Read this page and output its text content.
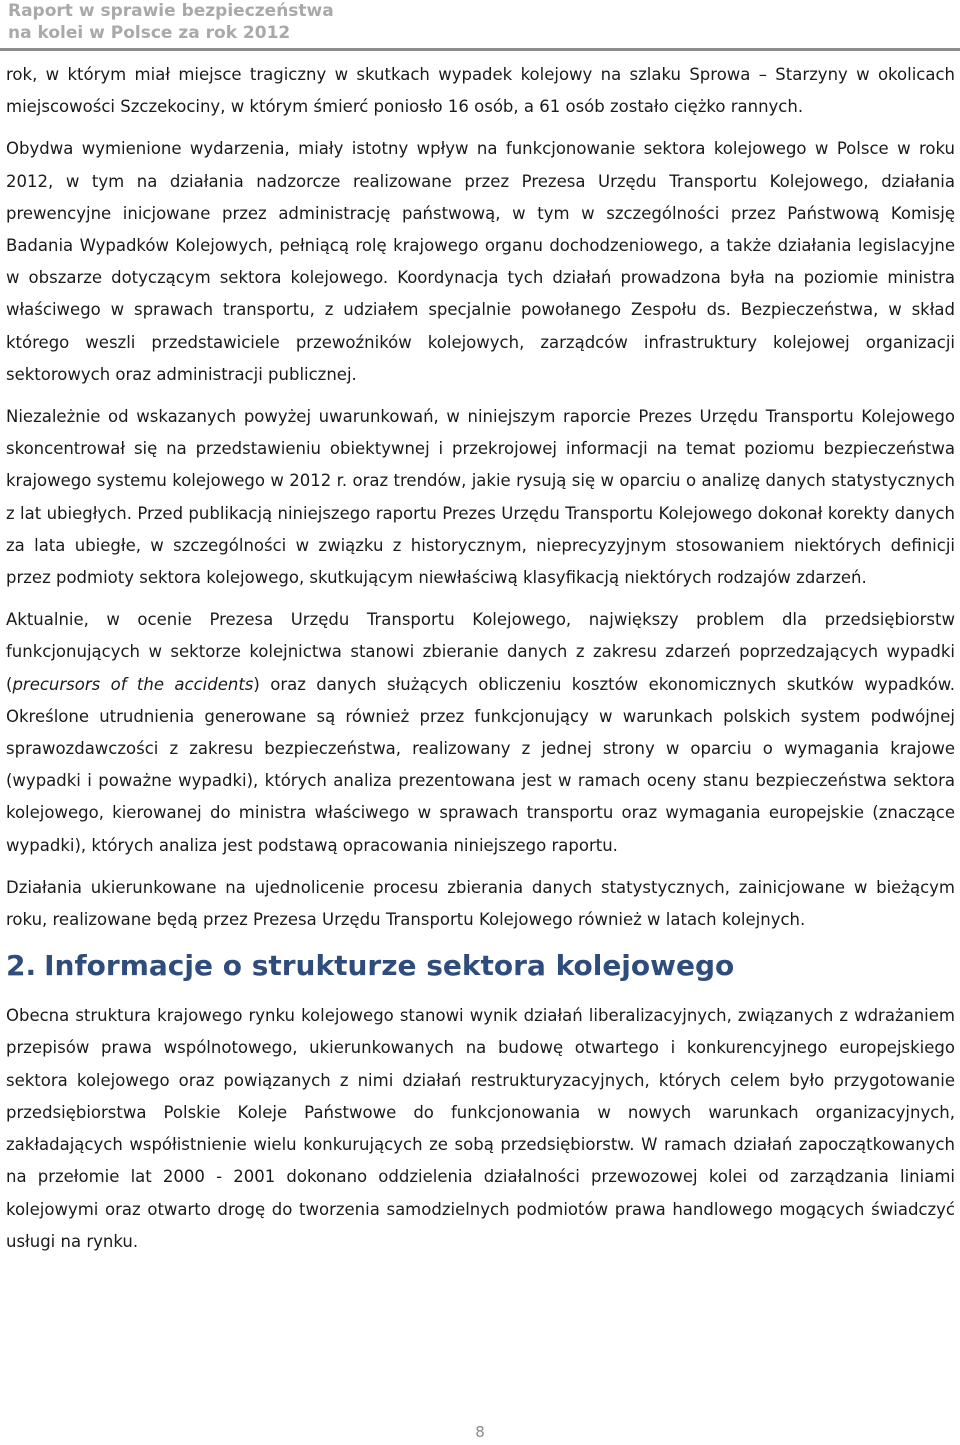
Raport w sprawie bezpieczeństwa

na kolei w Polsce za rok 2012

rok, w którym miał miejsce tragiczny w skutkach wypadek kolejowy na szlaku Sprowa – Starzyny w okolicach miejscowości Szczekociny, w którym śmierć poniosło 16 osób, a 61 osób zostało ciężko rannych.

Obydwa wymienione wydarzenia, miały istotny wpływ na funkcjonowanie sektora kolejowego w Polsce w roku 2012, w tym na działania nadzorcze realizowane przez Prezesa Urzędu Transportu Kolejowego, działania prewencyjne inicjowane przez administrację państwową, w tym w szczególności przez Państwową Komisję Badania Wypadków Kolejowych, pełniącą rolę krajowego organu dochodzeniowego, a także działania legislacyjne w obszarze dotyczącym sektora kolejowego. Koordynacja tych działań prowadzona była na poziomie ministra właściwego w sprawach transportu, z udziałem specjalnie powołanego Zespołu ds. Bezpieczeństwa, w skład którego weszli przedstawiciele przewoźników kolejowych, zarządców infrastruktury kolejowej organizacji sektorowych oraz administracji publicznej.

Niezależnie od wskazanych powyżej uwarunkowań, w niniejszym raporcie Prezes Urzędu Transportu Kolejowego skoncentrował się na przedstawieniu obiektywnej i przekrojowej informacji na temat poziomu bezpieczeństwa krajowego systemu kolejowego w 2012 r. oraz trendów, jakie rysują się w oparciu o analizę danych statystycznych z lat ubiegłych. Przed publikacją niniejszego raportu Prezes Urzędu Transportu Kolejowego dokonał korekty danych za lata ubiegłe, w szczególności w związku z historycznym, nieprecyzyjnym stosowaniem niektórych definicji przez podmioty sektora kolejowego, skutkującym niewłaściwą klasyfikacją niektórych rodzajów zdarzeń.

Aktualnie, w ocenie Prezesa Urzędu Transportu Kolejowego, największy problem dla przedsiębiorstw funkcjonujących w sektorze kolejnictwa stanowi zbieranie danych z zakresu zdarzeń poprzedzających wypadki (precursors of the accidents) oraz danych służących obliczeniu kosztów ekonomicznych skutków wypadków. Określone utrudnienia generowane są również przez funkcjonujący w warunkach polskich system podwójnej sprawozdawczości z zakresu bezpieczeństwa, realizowany z jednej strony w oparciu o wymagania krajowe (wypadki i poważne wypadki), których analiza prezentowana jest w ramach oceny stanu bezpieczeństwa sektora kolejowego, kierowanej do ministra właściwego w sprawach transportu oraz wymagania europejskie (znaczące wypadki), których analiza jest podstawą opracowania niniejszego raportu.

Działania ukierunkowane na ujednolicenie procesu zbierania danych statystycznych, zainicjowane w bieżącym roku, realizowane będą przez Prezesa Urzędu Transportu Kolejowego również w latach kolejnych.

2. Informacje o strukturze sektora kolejowego

Obecna struktura krajowego rynku kolejowego stanowi wynik działań liberalizacyjnych, związanych z wdrażaniem przepisów prawa wspólnotowego, ukierunkowanych na budowę otwartego i konkurencyjnego europejskiego sektora kolejowego oraz powiązanych z nimi działań restrukturyzacyjnych, których celem było przygotowanie przedsiębiorstwa Polskie Koleje Państwowe do funkcjonowania w nowych warunkach organizacyjnych, zakładających współistnienie wielu konkurujących ze sobą przedsiębiorstw. W ramach działań zapoczątkowanych na przełomie lat 2000 - 2001 dokonano oddzielenia działalności przewozowej kolei od zarządzania liniami kolejowymi oraz otwarto drogę do tworzenia samodzielnych podmiotów prawa handlowego mogących świadczyć usługi na rynku.

8
